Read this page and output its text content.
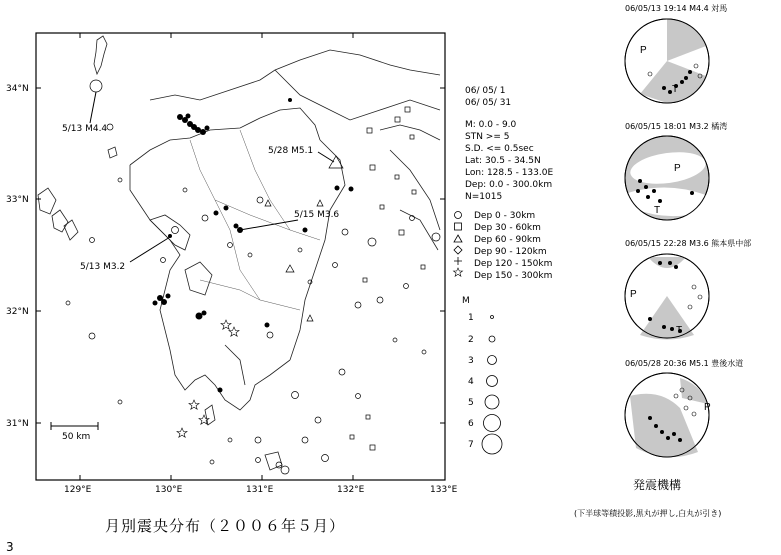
34°N
33°N
32°N
31°N
129°E	130°E	131°E	132°E	133°E
50 km
5/13 M4.4
5/28 M5.1
5/15 M3.6
5/13 M3.2
06/ 05/ 1
06/ 05/ 31
M: 0.0 - 9.0
STN >= 5
S.D. <= 0.5sec
Lat: 30.5 - 34.5N
Lon: 128.5 - 133.0E
Dep: 0.0 - 300.0km
N=1015
Dep 0 - 30km
Dep 30 - 60km
Dep 60 - 90km
Dep 90 - 120km
Dep 120 - 150km
Dep 150 - 300km
M
1
2
3
4
5
6
7
06/05/13 19:14 M4.4 対馬
P
T
06/05/15 18:01 M3.2 橘湾
P
T
06/05/15 22:28 M3.6 熊本県中部
P
T
06/05/28 20:36 M5.1 豊後水道
P
発震機構
(下半球等積投影,黒丸が押し,白丸が引き)
月別震央分布（２００６年５月）
3
